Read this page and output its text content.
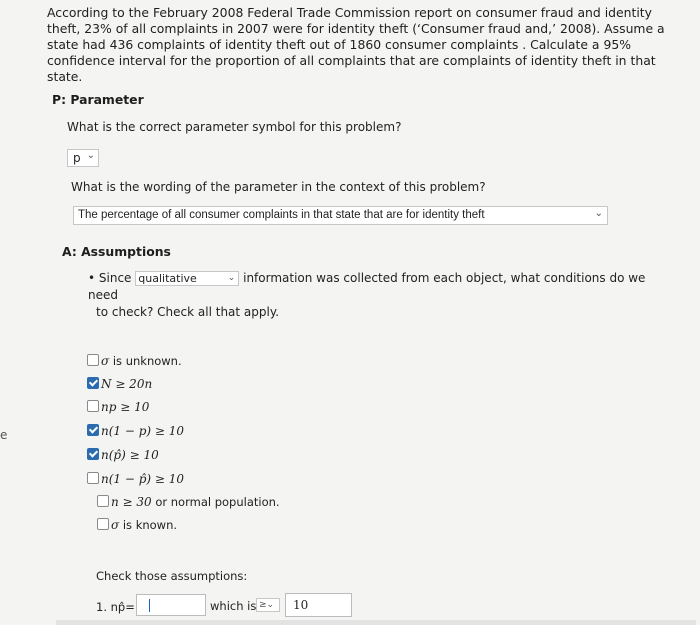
e
According to the February 2008 Federal Trade Commission report on consumer fraud and identity theft, 23% of all complaints in 2007 were for identity theft (‘Consumer fraud and,’ 2008). Assume a state had 436 complaints of identity theft out of 1860 consumer complaints . Calculate a 95% confidence interval for the proportion of all complaints that are complaints of identity theft in that state.
P: Parameter
What is the correct parameter symbol for this problem?
p ⌄
What is the wording of the parameter in the context of this problem?
The percentage of all consumer complaints in that state that are for identity theft	⌄
A: Assumptions
• Since qualitative	⌄ information was collected from each object, what conditions do we need
to check? Check all that apply.
σ is unknown.
N ≥ 20n
np ≥ 10
n(1 − p) ≥ 10
n(p̂) ≥ 10
n(1 − p̂) ≥ 10
n ≥ 30 or normal population.
σ is known.
Check those assumptions:
1. np̂=	which is ≥⌄	10
